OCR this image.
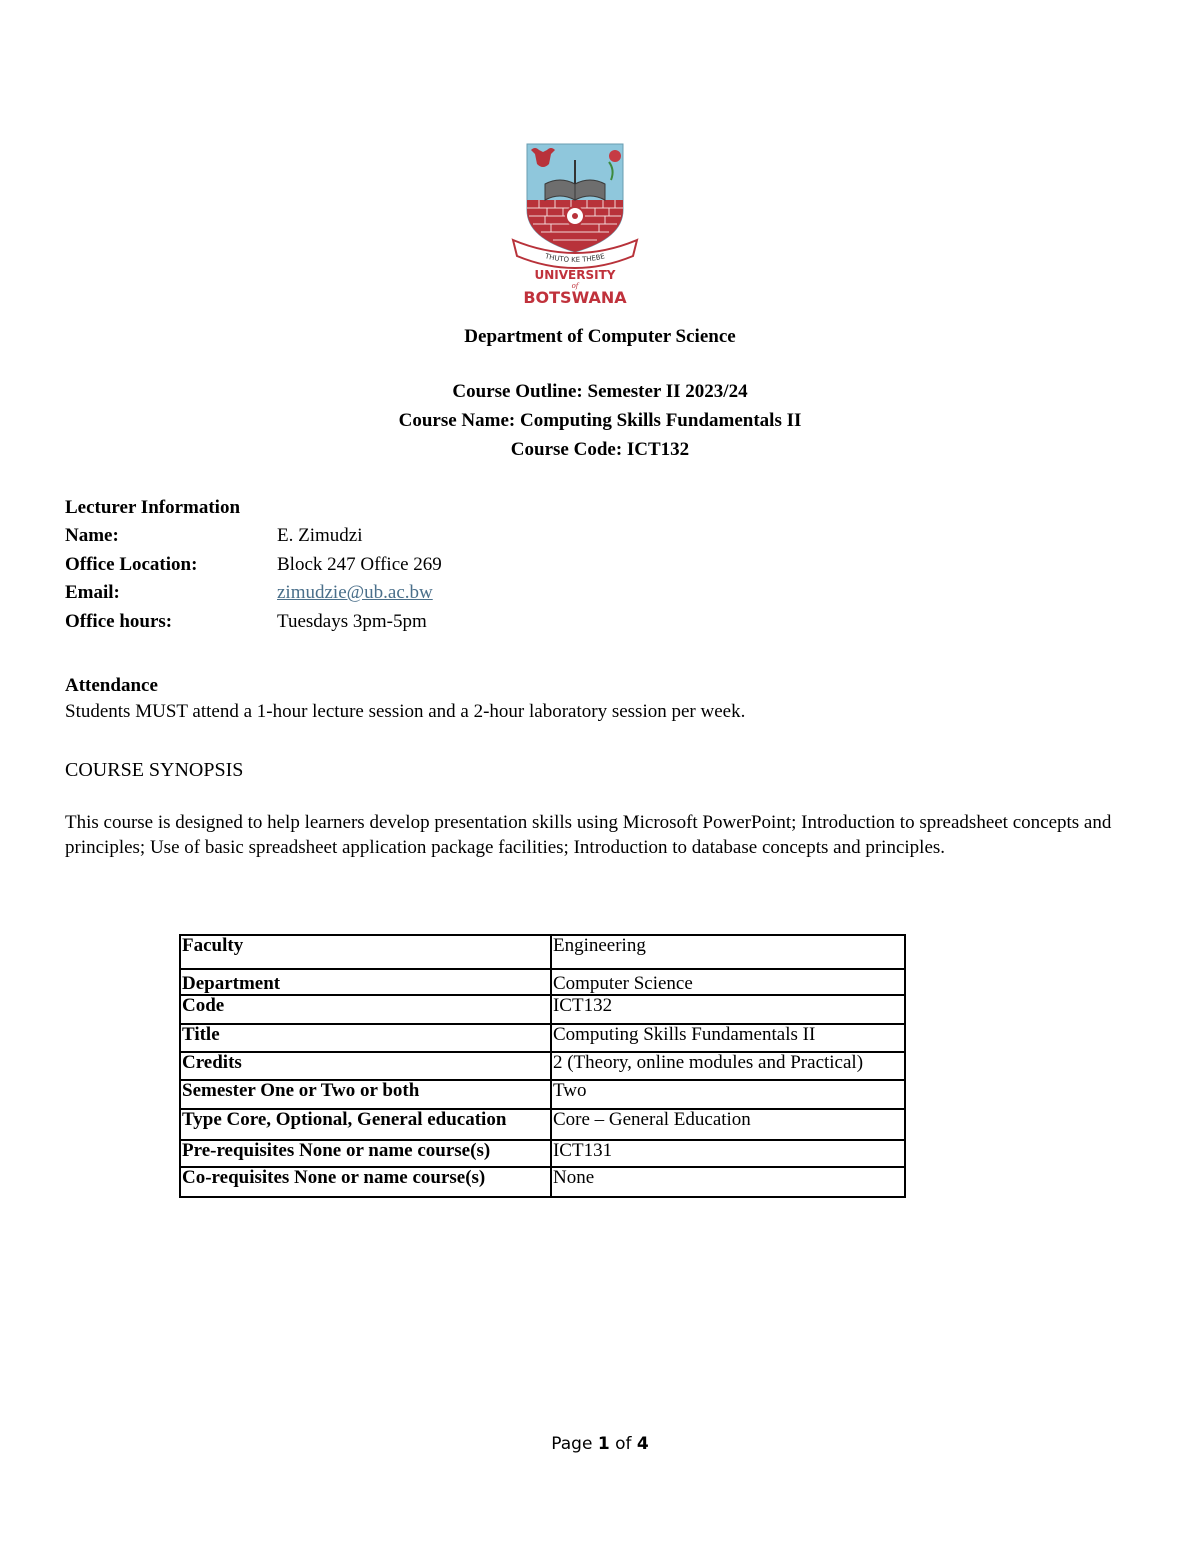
THUTO KE THEBE
UNIVERSITY
of
BOTSWANA
Department of Computer Science
Course Outline: Semester II 2023/24
Course Name: Computing Skills Fundamentals II
Course Code: ICT132
Lecturer Information
Name:	E. Zimudzi
Office Location:	Block 247 Office 269
Email:	zimudzie@ub.ac.bw
Office hours:	Tuesdays 3pm-5pm
Attendance
Students MUST attend a 1-hour lecture session and a 2-hour laboratory session per week.
COURSE SYNOPSIS
This course is designed to help learners develop presentation skills using Microsoft PowerPoint; Introduction to spreadsheet concepts and principles; Use of basic spreadsheet application package facilities; Introduction to database concepts and principles.
Faculty	Engineering
Department	Computer Science
Code	ICT132
Title	Computing Skills Fundamentals II
Credits	2 (Theory, online modules and Practical)
Semester One or Two or both	Two
Type Core, Optional, General education	Core – General Education
Pre-requisites None or name course(s)	ICT131
Co-requisites None or name course(s)	None
Page 1 of 4
